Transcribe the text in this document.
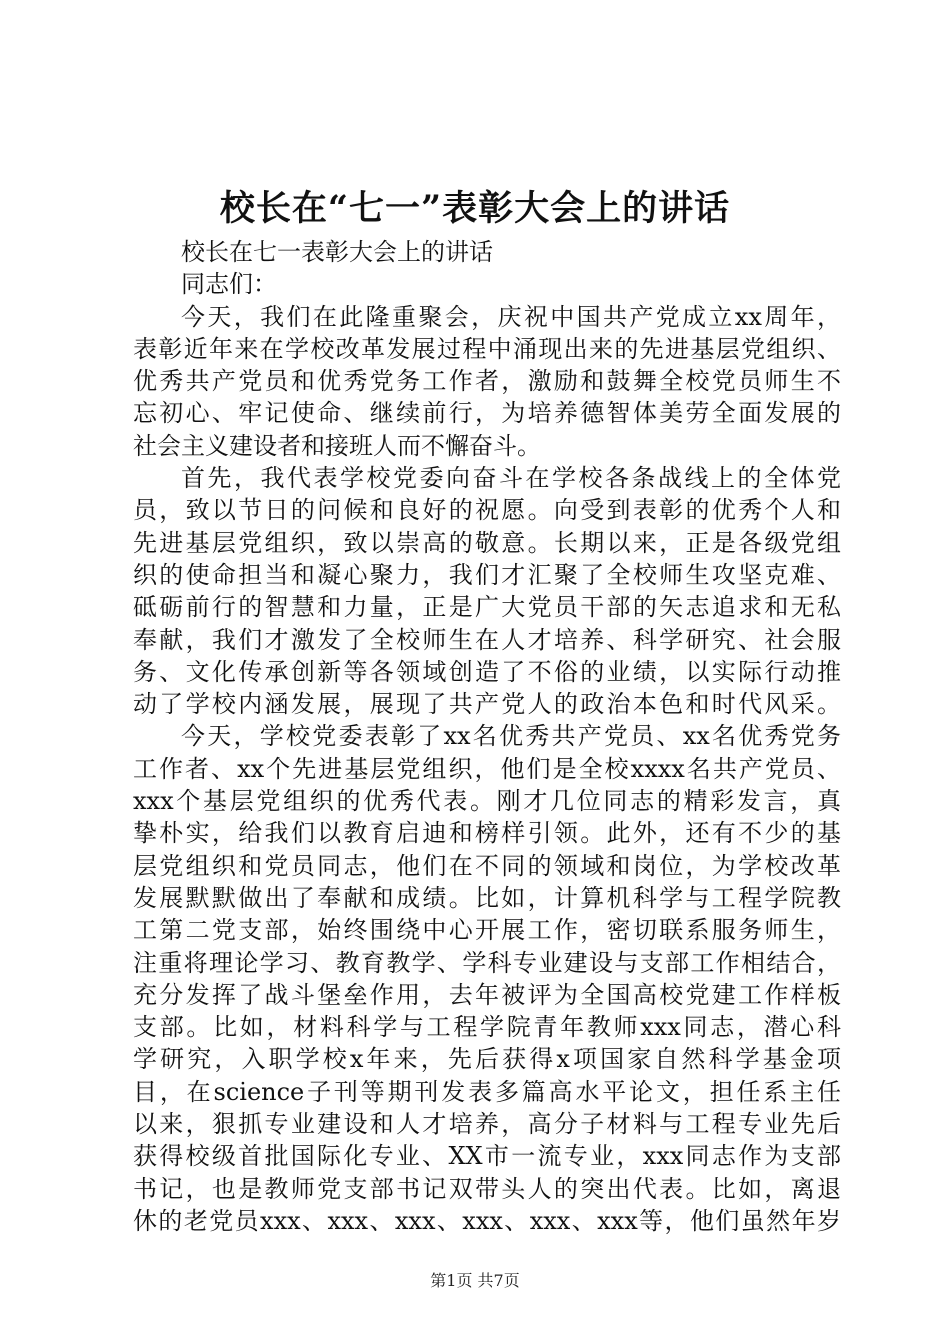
校长在“七一”表彰大会上的讲话
校长在七一表彰大会上的讲话
同志们：
今天，我们在此隆重聚会，庆祝中国共产党成立xx周年，
表彰近年来在学校改革发展过程中涌现出来的先进基层党组织、
优秀共产党员和优秀党务工作者，激励和鼓舞全校党员师生不
忘初心、牢记使命、继续前行，为培养德智体美劳全面发展的
社会主义建设者和接班人而不懈奋斗。
首先，我代表学校党委向奋斗在学校各条战线上的全体党
员，致以节日的问候和良好的祝愿。向受到表彰的优秀个人和
先进基层党组织，致以崇高的敬意。长期以来，正是各级党组
织的使命担当和凝心聚力，我们才汇聚了全校师生攻坚克难、
砥砺前行的智慧和力量，正是广大党员干部的矢志追求和无私
奉献，我们才激发了全校师生在人才培养、科学研究、社会服
务、文化传承创新等各领域创造了不俗的业绩，以实际行动推
动了学校内涵发展，展现了共产党人的政治本色和时代风采。
今天，学校党委表彰了xx名优秀共产党员、xx名优秀党务
工作者、xx个先进基层党组织，他们是全校xxxx名共产党员、
xxx个基层党组织的优秀代表。刚才几位同志的精彩发言，真
挚朴实，给我们以教育启迪和榜样引领。此外，还有不少的基
层党组织和党员同志，他们在不同的领域和岗位，为学校改革
发展默默做出了奉献和成绩。比如，计算机科学与工程学院教
工第二党支部，始终围绕中心开展工作，密切联系服务师生，
注重将理论学习、教育教学、学科专业建设与支部工作相结合，
充分发挥了战斗堡垒作用，去年被评为全国高校党建工作样板
支部。比如，材料科学与工程学院青年教师xxx同志，潜心科
学研究，入职学校x年来，先后获得x项国家自然科学基金项
目，在science子刊等期刊发表多篇高水平论文，担任系主任
以来，狠抓专业建设和人才培养，高分子材料与工程专业先后
获得校级首批国际化专业、XX市一流专业，xxx同志作为支部
书记，也是教师党支部书记双带头人的突出代表。比如，离退
休的老党员xxx、xxx、xxx、xxx、xxx、xxx等，他们虽然年岁
第1页 共7页
